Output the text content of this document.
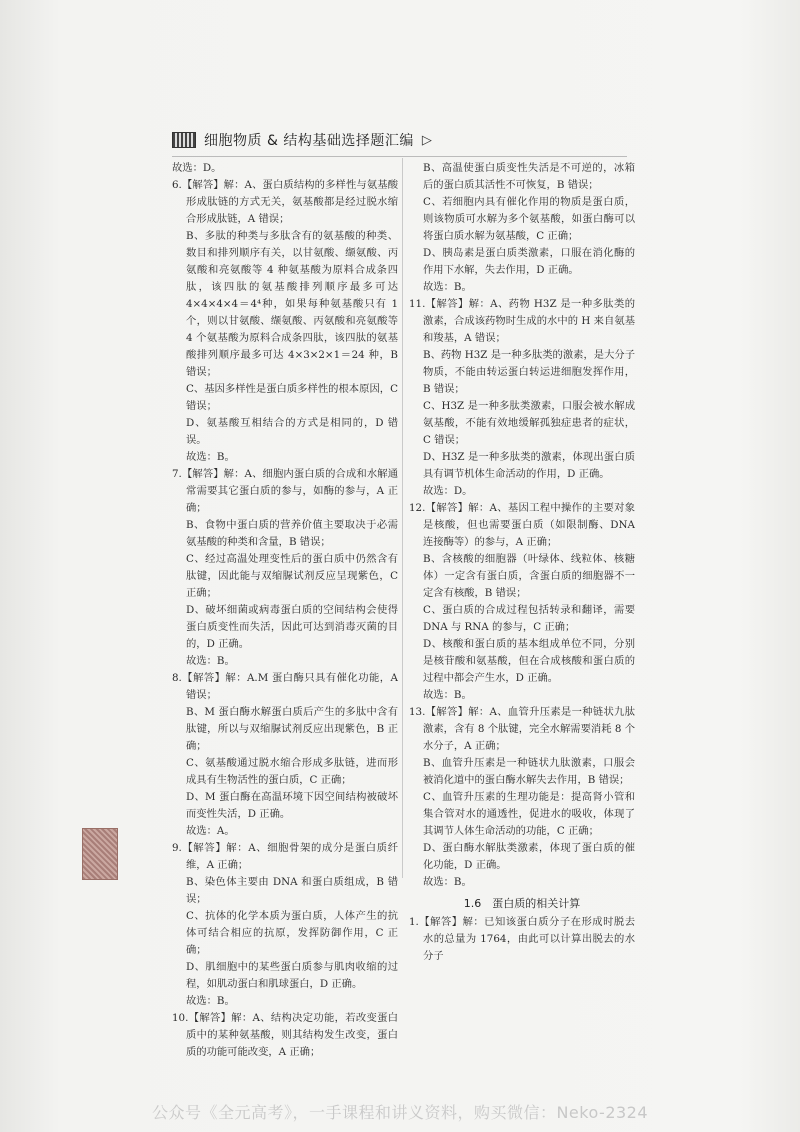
细胞物质 & 结构基础选择题汇编 ▷

故选：D。

6.【解答】解：A、蛋白质结构的多样性与氨基酸形成肽链的方式无关，氨基酸都是经过脱水缩合形成肽链，A 错误；

B、多肽的种类与多肽含有的氨基酸的种类、数目和排列顺序有关，以甘氨酸、缬氨酸、丙氨酸和亮氨酸等 4 种氨基酸为原料合成条四肽，该四肽的氨基酸排列顺序最多可达 4×4×4×4＝4⁴种，如果每种氨基酸只有 1 个，则以甘氨酸、缬氨酸、丙氨酸和亮氨酸等 4 个氨基酸为原料合成条四肽，该四肽的氨基酸排列顺序最多可达 4×3×2×1＝24 种，B 错误；

C、基因多样性是蛋白质多样性的根本原因，C 错误；

D、氨基酸互相结合的方式是相同的，D 错误。

故选：B。

7.【解答】解：A、细胞内蛋白质的合成和水解通常需要其它蛋白质的参与，如酶的参与，A 正确；

B、食物中蛋白质的营养价值主要取决于必需氨基酸的种类和含量，B 错误；

C、经过高温处理变性后的蛋白质中仍然含有肽键，因此能与双缩脲试剂反应呈现紫色，C 正确；

D、破坏细菌或病毒蛋白质的空间结构会使得蛋白质变性而失活，因此可达到消毒灭菌的目的，D 正确。

故选：B。

8.【解答】解：A.M 蛋白酶只具有催化功能，A 错误；

B、M 蛋白酶水解蛋白质后产生的多肽中含有肽键，所以与双缩脲试剂反应出现紫色，B 正确；

C、氨基酸通过脱水缩合形成多肽链，进而形成具有生物活性的蛋白质，C 正确；

D、M 蛋白酶在高温环境下因空间结构被破坏而变性失活，D 正确。

故选：A。

9.【解答】解：A、细胞骨架的成分是蛋白质纤维，A 正确；

B、染色体主要由 DNA 和蛋白质组成，B 错误；

C、抗体的化学本质为蛋白质，人体产生的抗体可结合相应的抗原，发挥防御作用，C 正确；

D、肌细胞中的某些蛋白质参与肌肉收缩的过程，如肌动蛋白和肌球蛋白，D 正确。

故选：B。

10.【解答】解：A、结构决定功能，若改变蛋白质中的某种氨基酸，则其结构发生改变，蛋白质的功能可能改变，A 正确；

B、高温使蛋白质变性失活是不可逆的，冰箱后的蛋白质其活性不可恢复，B 错误；

C、若细胞内具有催化作用的物质是蛋白质，则该物质可水解为多个氨基酸，如蛋白酶可以将蛋白质水解为氨基酸，C 正确；

D、胰岛素是蛋白质类激素，口服在消化酶的作用下水解，失去作用，D 正确。

故选：B。

11.【解答】解：A、药物 H3Z 是一种多肽类的激素，合成该药物时生成的水中的 H 来自氨基和羧基，A 错误；

B、药物 H3Z 是一种多肽类的激素，是大分子物质，不能由转运蛋白转运进细胞发挥作用，B 错误；

C、H3Z 是一种多肽类激素，口服会被水解成氨基酸，不能有效地缓解孤独症患者的症状，C 错误；

D、H3Z 是一种多肽类的激素，体现出蛋白质具有调节机体生命活动的作用，D 正确。

故选：D。

12.【解答】解：A、基因工程中操作的主要对象是核酸，但也需要蛋白质（如限制酶、DNA 连接酶等）的参与，A 正确；

B、含核酸的细胞器（叶绿体、线粒体、核糖体）一定含有蛋白质，含蛋白质的细胞器不一定含有核酸，B 错误；

C、蛋白质的合成过程包括转录和翻译，需要 DNA 与 RNA 的参与，C 正确；

D、核酸和蛋白质的基本组成单位不同，分别是核苷酸和氨基酸，但在合成核酸和蛋白质的过程中都会产生水，D 正确。

故选：B。

13.【解答】解：A、血管升压素是一种链状九肽激素，含有 8 个肽键，完全水解需要消耗 8 个水分子，A 正确；

B、血管升压素是一种链状九肽激素，口服会被消化道中的蛋白酶水解失去作用，B 错误；

C、血管升压素的生理功能是：提高肾小管和集合管对水的通透性，促进水的吸收，体现了其调节人体生命活动的功能，C 正确；

D、蛋白酶水解肽类激素，体现了蛋白质的催化功能，D 正确。

故选：B。

1.6　蛋白质的相关计算

1.【解答】解：已知该蛋白质分子在形成时脱去水的总量为 1764，由此可以计算出脱去的水分子

公众号《全元高考》，一手课程和讲义资料，购买微信：Neko-2324
